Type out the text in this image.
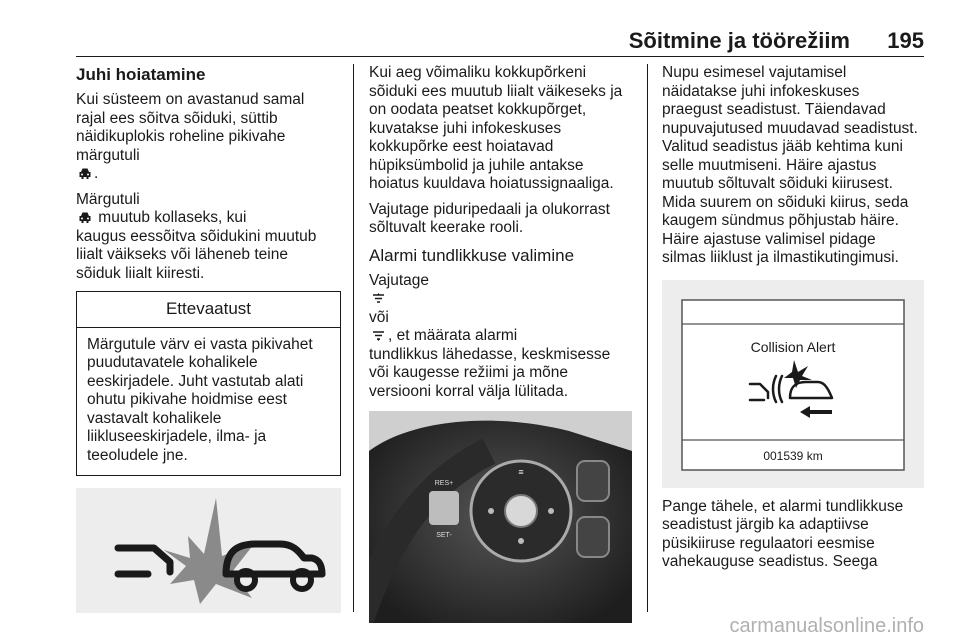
Sõitmine ja töörežiim 195
Juhi hoiatamine

Kui süsteem on avastanud samal
rajal ees sõitva sõiduki, süttib
näidikuplokis roheline pikivahe
märgutuli
.

Märgutuli
muutub kollaseks, kui
kaugus eessõitva sõidukini muutub
liialt väikseks või läheneb teine
sõiduk liialt kiiresti.

Ettevaatust
Märgutule värv ei vasta pikivahet
puudutavatele kohalikele
eeskirjadele. Juht vastutab alati
ohutu pikivahe hoidmise eest
vastavalt kohalikele
liikluseeskirjadele, ilma- ja
teeoludele jne.

Kui aeg võimaliku kokkupõrkeni
sõiduki ees muutub liialt väikeseks ja
on oodata peatset kokkupõrget,
kuvatakse juhi infokeskuses
kokkupõrke eest hoiatavad
hüpiksümbolid ja juhile antakse
hoiatus kuuldava hoiatussignaaliga.

Vajutage piduripedaali ja olukorrast
sõltuvalt keerake rooli.

Alarmi tundlikkuse valimine

Vajutage

või
, et määrata alarmi
tundlikkus lähedasse, keskmisesse
või kaugesse režiimi ja mõne
versiooni korral välja lülitada.

RES+
SET-
≡

Nupu esimesel vajutamisel
näidatakse juhi infokeskuses
praegust seadistust. Täiendavad
nupuvajutused muudavad seadistust.
Valitud seadistus jääb kehtima kuni
selle muutmiseni. Häire ajastus
muutub sõltuvalt sõiduki kiirusest.
Mida suurem on sõiduki kiirus, seda
kaugem sündmus põhjustab häire.
Häire ajastuse valimisel pidage
silmas liiklust ja ilmastikutingimusi.

Collision Alert
001539 km

Pange tähele, et alarmi tundlikkuse
seadistust järgib ka adaptiivse
püsikiiruse regulaatori eesmise
vahekauguse seadistus. Seega

carmanualsonline.info
